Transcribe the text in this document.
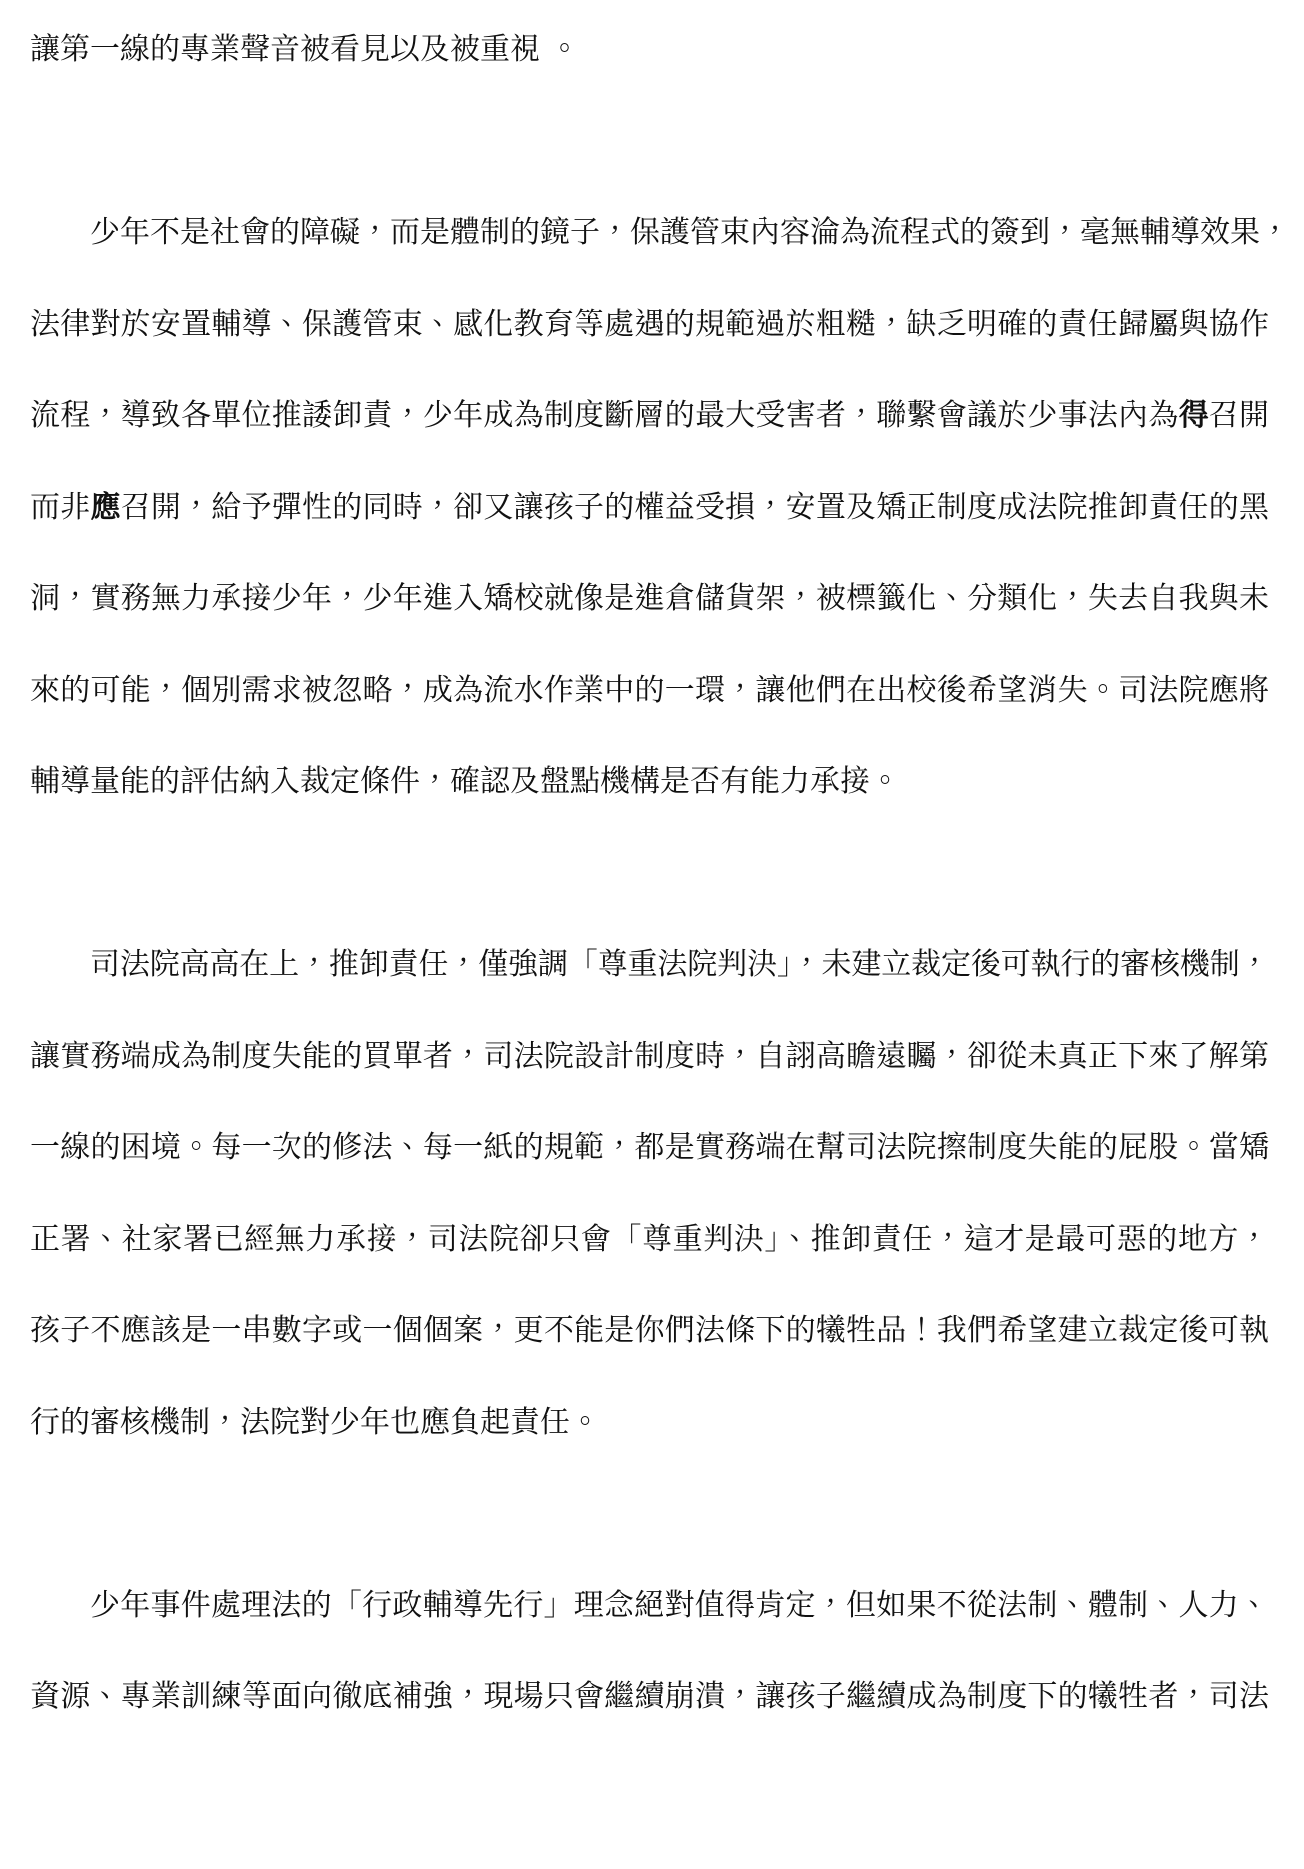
讓第一線的專業聲音被看見以及被重視 。
少年不是社會的障礙，而是體制的鏡子，保護管束內容淪為流程式的簽到，毫無輔導效果，
法律對於安置輔導、保護管束、感化教育等處遇的規範過於粗糙，缺乏明確的責任歸屬與協作
流程，導致各單位推諉卸責，少年成為制度斷層的最大受害者，聯繫會議於少事法內為得召開
而非應召開，給予彈性的同時，卻又讓孩子的權益受損，安置及矯正制度成法院推卸責任的黑
洞，實務無力承接少年，少年進入矯校就像是進倉儲貨架，被標籤化、分類化，失去自我與未
來的可能，個別需求被忽略，成為流水作業中的一環，讓他們在出校後希望消失。司法院應將
輔導量能的評估納入裁定條件，確認及盤點機構是否有能力承接。
司法院高高在上，推卸責任，僅強調「尊重法院判決」，未建立裁定後可執行的審核機制，
讓實務端成為制度失能的買單者，司法院設計制度時，自詡高瞻遠矚，卻從未真正下來了解第
一線的困境。每一次的修法、每一紙的規範，都是實務端在幫司法院擦制度失能的屁股。當矯
正署、社家署已經無力承接，司法院卻只會「尊重判決」、推卸責任，這才是最可惡的地方，
孩子不應該是一串數字或一個個案，更不能是你們法條下的犧牲品！我們希望建立裁定後可執
行的審核機制，法院對少年也應負起責任。
少年事件處理法的「行政輔導先行」理念絕對值得肯定，但如果不從法制、體制、人力、
資源、專業訓練等面向徹底補強，現場只會繼續崩潰，讓孩子繼續成為制度下的犧牲者，司法
